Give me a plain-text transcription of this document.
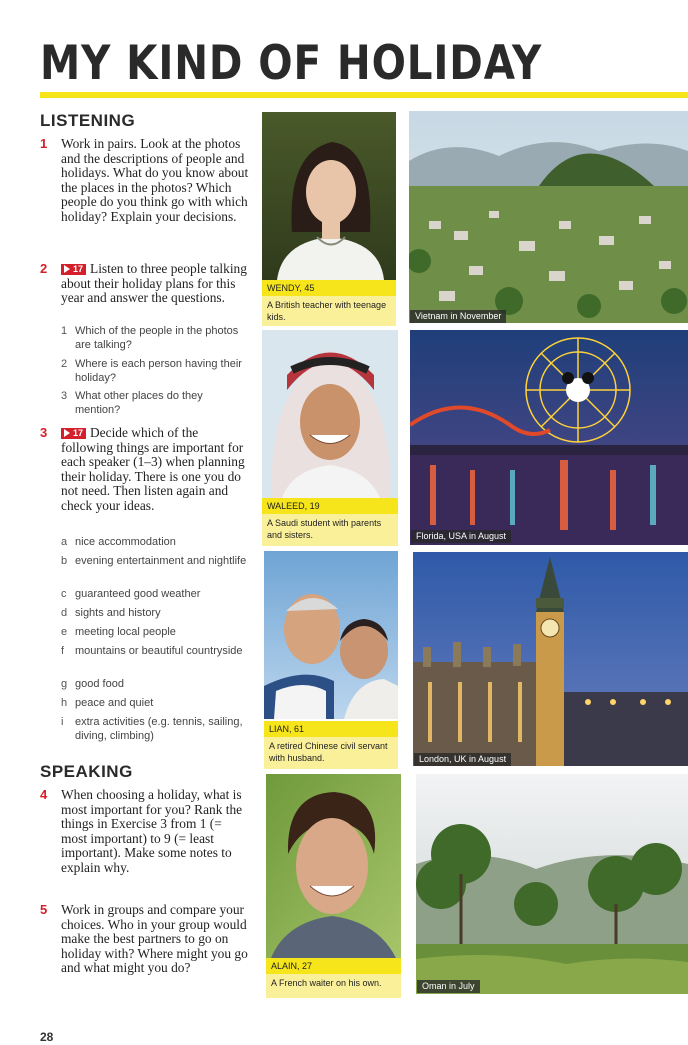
MY KIND OF HOLIDAY
LISTENING
1 Work in pairs. Look at the photos and the descriptions of people and holidays. What do you know about the places in the photos? Which people do you think go with which holiday? Explain your decisions.
2	17 Listen to three people talking about their holiday plans for this year and answer the questions.
1 Which of the people in the photos are talking?
2 Where is each person having their holiday?
3 What other places do they mention?
3	17 Decide which of the following things are important for each speaker (1–3) when planning their holiday. There is one you do not need. Then listen again and check your ideas.
a nice accommodation
b evening entertainment and nightlife
c guaranteed good weather
d sights and history
e meeting local people
f mountains or beautiful countryside
g good food
h peace and quiet
i extra activities (e.g. tennis, sailing, diving, climbing)
SPEAKING
4 When choosing a holiday, what is most important for you? Rank the things in Exercise 3 from 1 (= most important) to 9 (= least important). Make some notes to explain why.
5 Work in groups and compare your choices. Who in your group would make the best partners to go on holiday with? Where might you go and what might you do?
28
WENDY, 45
A British teacher with teenage kids.
WALEED, 19
A Saudi student with parents and sisters.
LIAN, 61
A retired Chinese civil servant with husband.
ALAIN, 27
A French waiter on his own.
Vietnam in November
Florida, USA in August
London, UK in August
Oman in July
